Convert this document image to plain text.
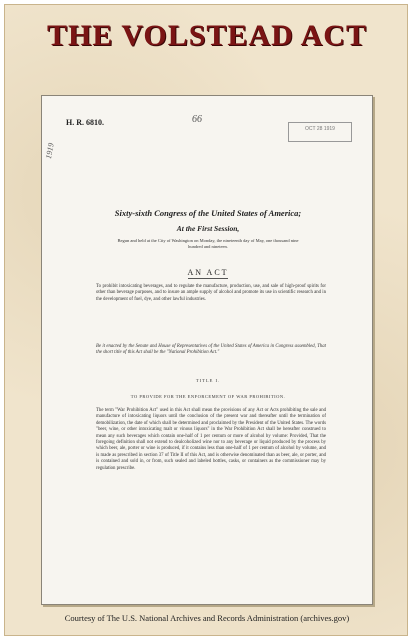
THE VOLSTEAD ACT
H. R. 6810.
1919
66
OCT 28 1919
Sixty-sixth Congress of the United States of America;
At the First Session,
Begun and held at the City of Washington on Monday, the nineteenth day of May, one thousand nine hundred and nineteen.
AN ACT
To prohibit intoxicating beverages, and to regulate the manufacture, production, use, and sale of high-proof spirits for other than beverage purposes, and to insure an ample supply of alcohol and promote its use in scientific research and in the development of fuel, dye, and other lawful industries.
Be it enacted by the Senate and House of Representatives of the United States of America in Congress assembled, That the short title of this Act shall be the "National Prohibition Act."
TITLE I.
TO PROVIDE FOR THE ENFORCEMENT OF WAR PROHIBITION.
The term "War Prohibition Act" used in this Act shall mean the provisions of any Act or Acts prohibiting the sale and manufacture of intoxicating liquors until the conclusion of the present war and thereafter until the termination of demobilization, the date of which shall be determined and proclaimed by the President of the United States. The words "beer, wine, or other intoxicating malt or vinous liquors" in the War Prohibition Act shall be hereafter construed to mean any such beverages which contain one-half of 1 per centum or more of alcohol by volume: Provided, That the foregoing definition shall not extend to dealcoholized wine nor to any beverage or liquid produced by the process by which beer, ale, porter or wine is produced, if it contains less than one-half of 1 per centum of alcohol by volume, and is made as prescribed in section 37 of Title II of this Act, and is otherwise denominated than as beer, ale, or porter, and is contained and sold in, or from, such sealed and labeled bottles, casks, or containers as the commissioner may by regulation prescribe.
Courtesy of The U.S. National Archives and Records Administration (archives.gov)
